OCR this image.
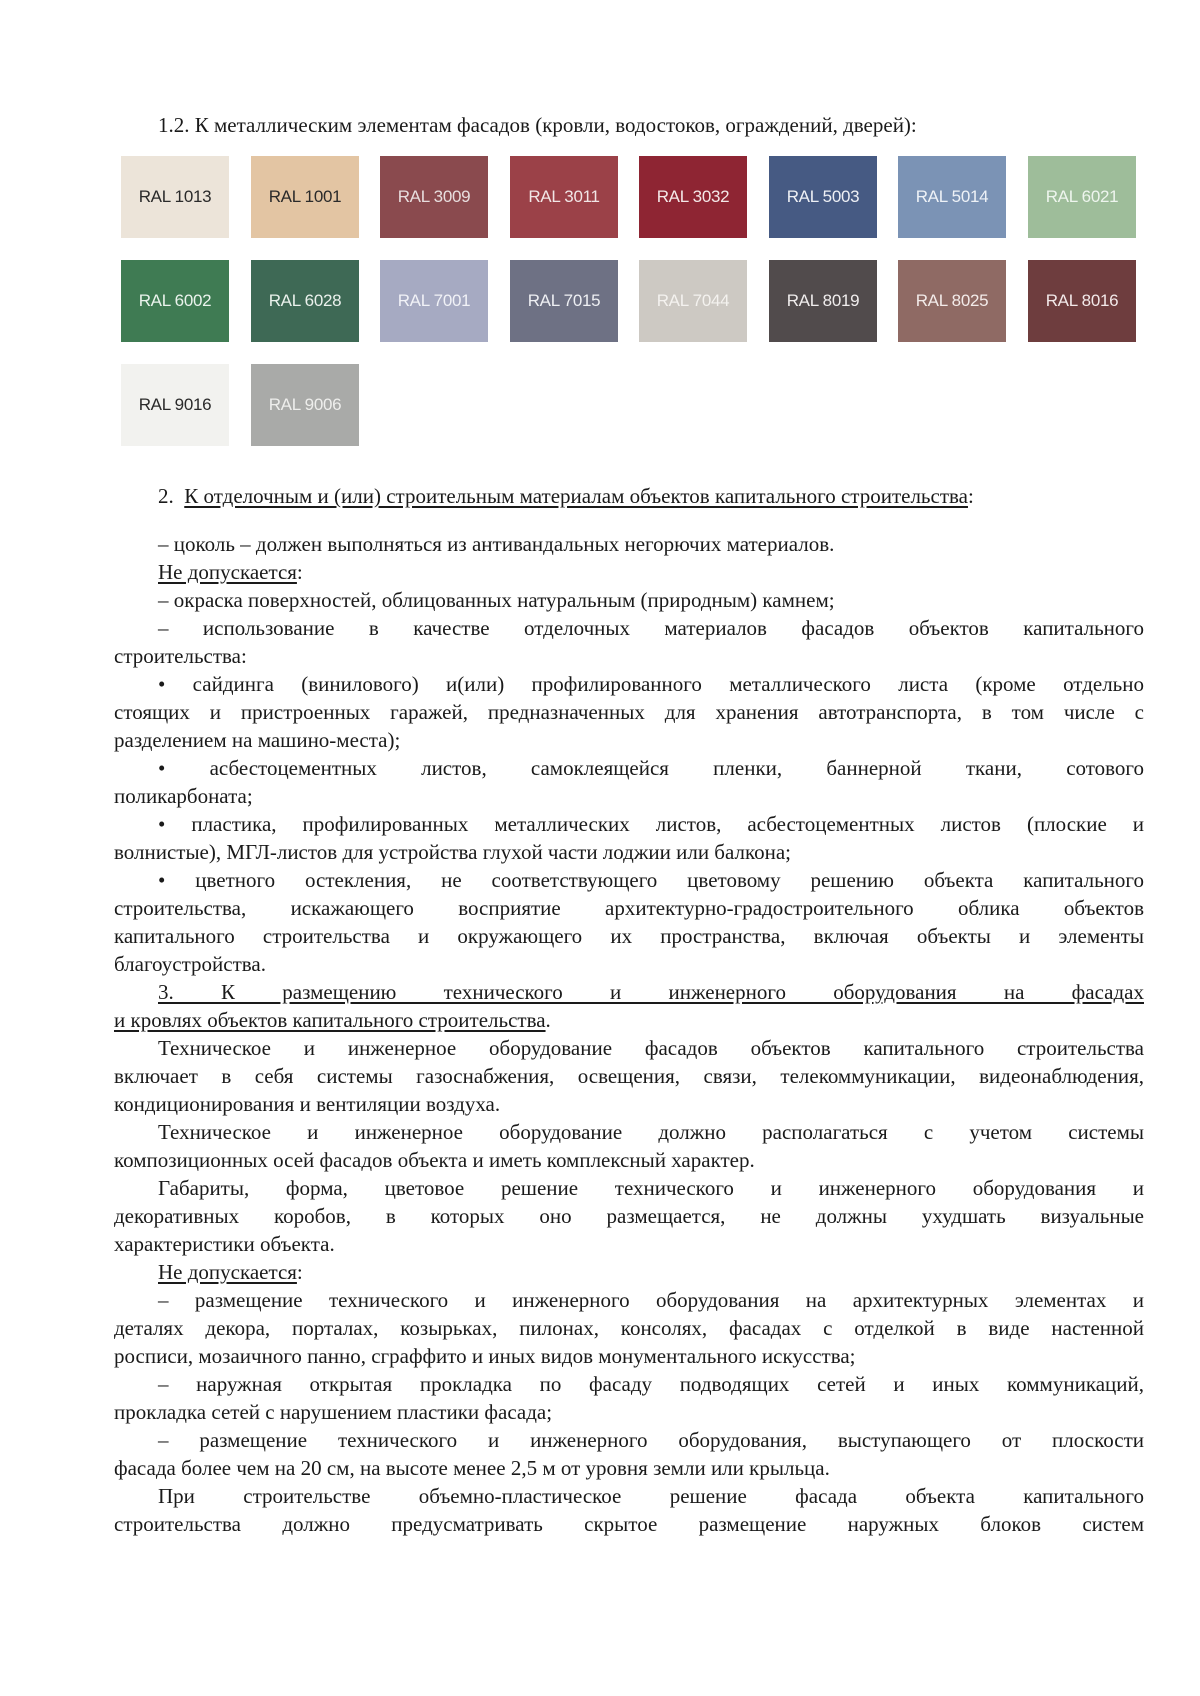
1.2. К металлическим элементам фасадов (кровли, водостоков, ограждений, дверей):
RAL 1013	RAL 1001	RAL 3009	RAL 3011	RAL 3032	RAL 5003	RAL 5014	RAL 6021
RAL 6002	RAL 6028	RAL 7001	RAL 7015	RAL 7044	RAL 8019	RAL 8025	RAL 8016
RAL 9016	RAL 9006
2. К отделочным и (или) строительным материалам объектов капитального строительства:
– цоколь – должен выполняться из антивандальных негорючих материалов.
Не допускается:
– окраска поверхностей, облицованных натуральным (природным) камнем;
– использование в качестве отделочных материалов фасадов объектов капитального
строительства:
• сайдинга (винилового) и(или) профилированного металлического листа (кроме отдельно
стоящих и пристроенных гаражей, предназначенных для хранения автотранспорта, в том числе с
разделением на машино-места);
• асбестоцементных листов, самоклеящейся пленки, баннерной ткани, сотового
поликарбоната;
• пластика, профилированных металлических листов, асбестоцементных листов (плоские и
волнистые), МГЛ-листов для устройства глухой части лоджии или балкона;
• цветного остекления, не соответствующего цветовому решению объекта капитального
строительства, искажающего восприятие архитектурно-градостроительного облика объектов
капитального строительства и окружающего их пространства, включая объекты и элементы
благоустройства.
3. К размещению технического и инженерного оборудования на фасадах
и кровлях объектов капитального строительства.
Техническое и инженерное оборудование фасадов объектов капитального строительства
включает в себя системы газоснабжения, освещения, связи, телекоммуникации, видеонаблюдения,
кондиционирования и вентиляции воздуха.
Техническое и инженерное оборудование должно располагаться с учетом системы
композиционных осей фасадов объекта и иметь комплексный характер.
Габариты, форма, цветовое решение технического и инженерного оборудования и
декоративных коробов, в которых оно размещается, не должны ухудшать визуальные
характеристики объекта.
Не допускается:
– размещение технического и инженерного оборудования на архитектурных элементах и
деталях декора, порталах, козырьках, пилонах, консолях, фасадах с отделкой в виде настенной
росписи, мозаичного панно, сграффито и иных видов монументального искусства;
– наружная открытая прокладка по фасаду подводящих сетей и иных коммуникаций,
прокладка сетей с нарушением пластики фасада;
– размещение технического и инженерного оборудования, выступающего от плоскости
фасада более чем на 20 см, на высоте менее 2,5 м от уровня земли или крыльца.
При строительстве объемно-пластическое решение фасада объекта капитального
строительства должно предусматривать скрытое размещение наружных блоков систем
